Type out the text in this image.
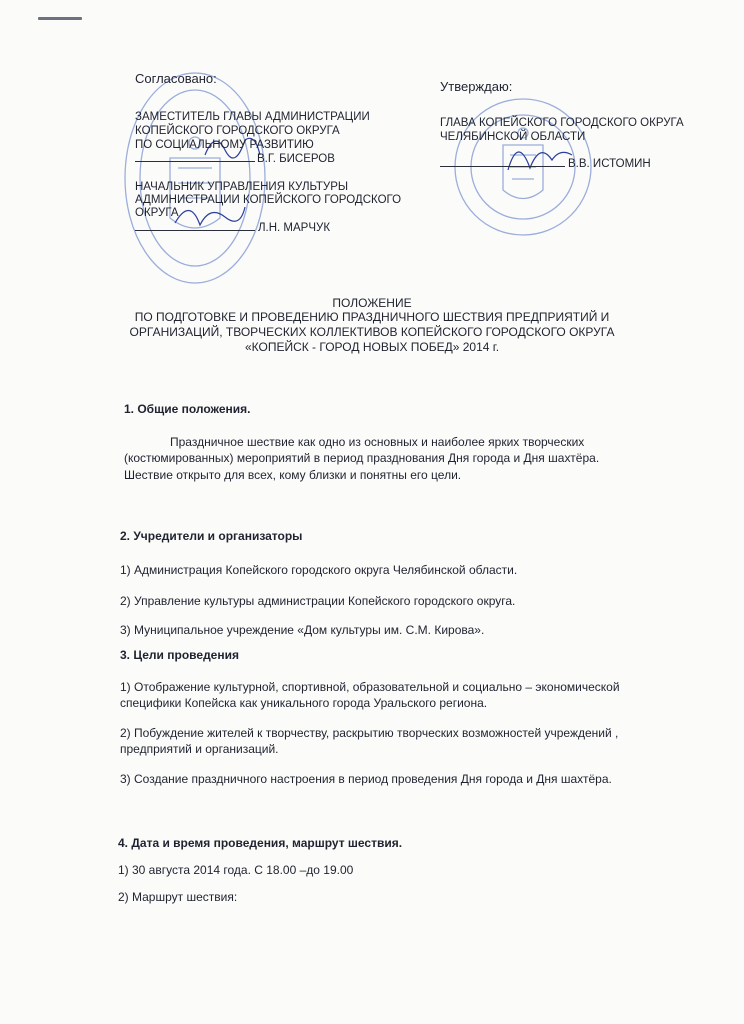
Согласовано:
ЗАМЕСТИТЕЛЬ ГЛАВЫ АДМИНИСТРАЦИИ
КОПЕЙСКОГО ГОРОДСКОГО ОКРУГА
ПО СОЦИАЛЬНОМУ РАЗВИТИЮ
В.Г. БИСЕРОВ
НАЧАЛЬНИК УПРАВЛЕНИЯ КУЛЬТУРЫ
АДМИНИСТРАЦИИ КОПЕЙСКОГО ГОРОДСКОГО
ОКРУГА
Л.Н. МАРЧУК
Утверждаю:
ГЛАВА КОПЕЙСКОГО ГОРОДСКОГО ОКРУГА
ЧЕЛЯБИНСКОЙ ОБЛАСТИ
В.В. ИСТОМИН
ПОЛОЖЕНИЕ
ПО ПОДГОТОВКЕ И ПРОВЕДЕНИЮ ПРАЗДНИЧНОГО ШЕСТВИЯ ПРЕДПРИЯТИЙ И
ОРГАНИЗАЦИЙ, ТВОРЧЕСКИХ КОЛЛЕКТИВОВ КОПЕЙСКОГО ГОРОДСКОГО ОКРУГА
«КОПЕЙСК - ГОРОД НОВЫХ ПОБЕД» 2014 г.
1. Общие положения.
Праздничное шествие как одно из основных и наиболее ярких творческих
(костюмированных) мероприятий в период празднования Дня города и Дня шахтёра.
Шествие открыто для всех, кому близки и понятны его цели.
2. Учредители и организаторы
1) Администрация Копейского городского округа Челябинской области.
2) Управление культуры администрации Копейского городского округа.
3) Муниципальное учреждение «Дом культуры им. С.М. Кирова».
3. Цели проведения
1) Отображение культурной, спортивной, образовательной и социально – экономической
специфики Копейска как уникального города Уральского региона.
2) Побуждение жителей к творчеству, раскрытию творческих возможностей учреждений ,
предприятий и организаций.
3) Создание праздничного настроения в период проведения Дня города и Дня шахтёра.
4. Дата и время проведения, маршрут шествия.
1) 30 августа 2014 года. С 18.00 –до 19.00
2) Маршрут шествия:
